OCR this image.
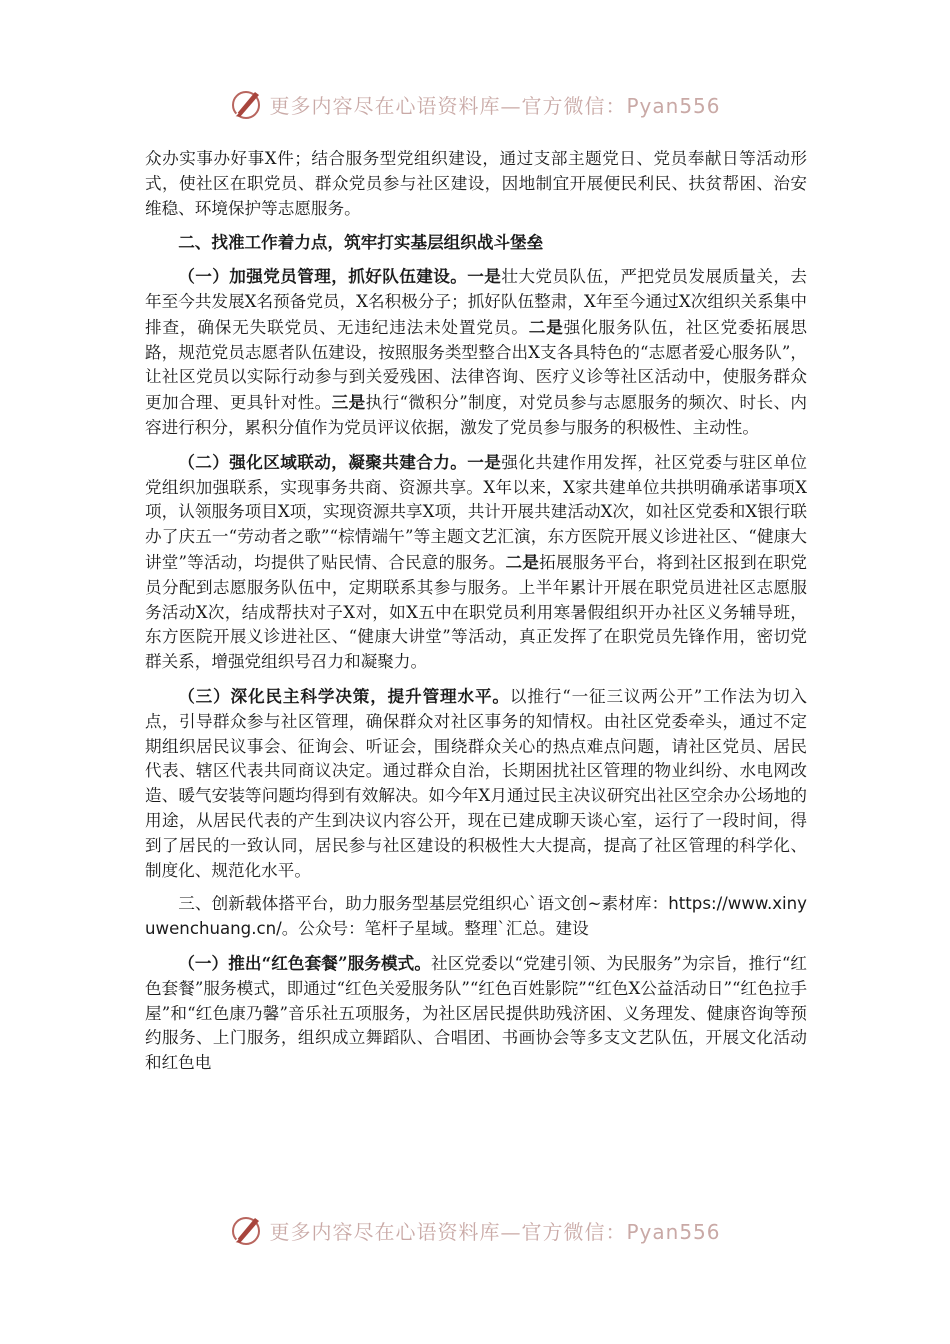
更多内容尽在心语资料库—官方微信：Pyan556

众办实事办好事X件；结合服务型党组织建设，通过支部主题党日、党员奉献日等活动形式，使社区在职党员、群众党员参与社区建设，因地制宜开展便民利民、扶贫帮困、治安维稳、环境保护等志愿服务。

二、找准工作着力点，筑牢打实基层组织战斗堡垒

（一）加强党员管理，抓好队伍建设。一是壮大党员队伍，严把党员发展质量关，去年至今共发展X名预备党员，X名积极分子；抓好队伍整肃，X年至今通过X次组织关系集中排查，确保无失联党员、无违纪违法未处置党员。二是强化服务队伍，社区党委拓展思路，规范党员志愿者队伍建设，按照服务类型整合出X支各具特色的“志愿者爱心服务队”，让社区党员以实际行动参与到关爱残困、法律咨询、医疗义诊等社区活动中，使服务群众更加合理、更具针对性。三是执行“微积分”制度，对党员参与志愿服务的频次、时长、内容进行积分，累积分值作为党员评议依据，激发了党员参与服务的积极性、主动性。

（二）强化区域联动，凝聚共建合力。一是强化共建作用发挥，社区党委与驻区单位党组织加强联系，实现事务共商、资源共享。X年以来，X家共建单位共拱明确承诺事项X项，认领服务项目X项，实现资源共享X项，共计开展共建活动X次，如社区党委和X银行联办了庆五一“劳动者之歌”“棕情端午”等主题文艺汇演，东方医院开展义诊进社区、“健康大讲堂”等活动，均提供了贴民情、合民意的服务。二是拓展服务平台，将到社区报到在职党员分配到志愿服务队伍中，定期联系其参与服务。上半年累计开展在职党员进社区志愿服务活动X次，结成帮扶对子X对，如X五中在职党员利用寒暑假组织开办社区义务辅导班，东方医院开展义诊进社区、“健康大讲堂”等活动，真正发挥了在职党员先锋作用，密切党群关系，增强党组织号召力和凝聚力。

（三）深化民主科学决策，提升管理水平。以推行“一征三议两公开”工作法为切入点，引导群众参与社区管理，确保群众对社区事务的知情权。由社区党委牵头，通过不定期组织居民议事会、征询会、听证会，围绕群众关心的热点难点问题，请社区党员、居民代表、辖区代表共同商议决定。通过群众自治，长期困扰社区管理的物业纠纷、水电网改造、暖气安装等问题均得到有效解决。如今年X月通过民主决议研究出社区空余办公场地的用途，从居民代表的产生到决议内容公开，现在已建成聊天谈心室，运行了一段时间，得到了居民的一致认同，居民参与社区建设的积极性大大提高，提高了社区管理的科学化、制度化、规范化水平。

三、创新载体搭平台，助力服务型基层党组织心`语文创~素材库：https://www.xinyuwenchuang.cn/。公众号：笔杆子星域。整理`汇总。建设

（一）推出“红色套餐”服务模式。社区党委以“党建引领、为民服务”为宗旨，推行“红色套餐”服务模式，即通过“红色关爱服务队”“红色百姓影院”“红色X公益活动日”“红色拉手屋”和“红色康乃馨”音乐社五项服务，为社区居民提供助残济困、义务理发、健康咨询等预约服务、上门服务，组织成立舞蹈队、合唱团、书画协会等多支文艺队伍，开展文化活动和红色电

更多内容尽在心语资料库—官方微信：Pyan556
